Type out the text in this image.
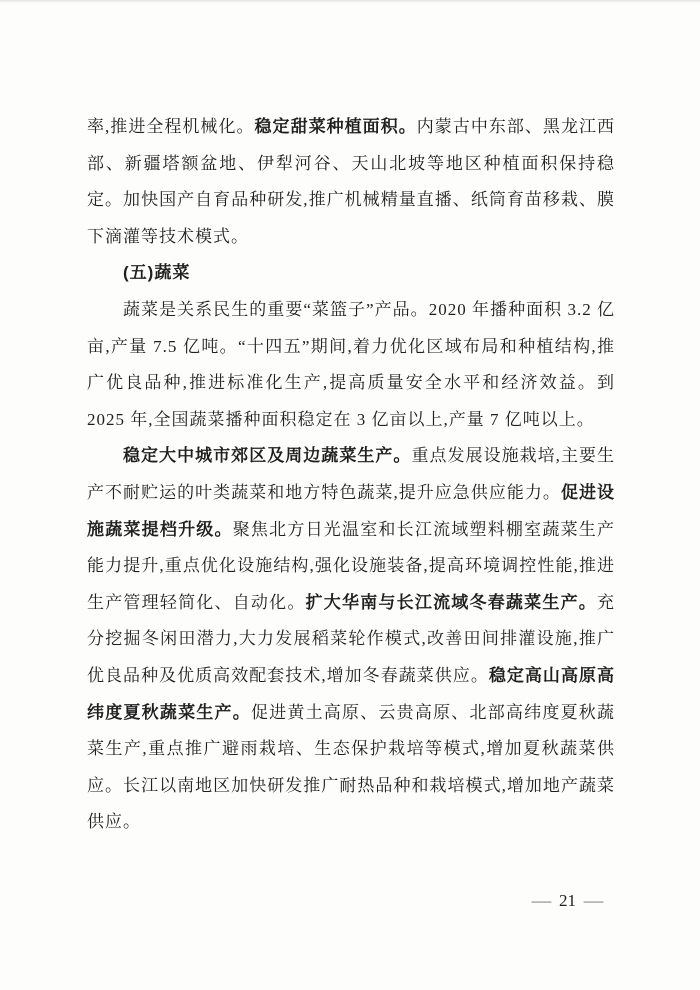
率,推进全程机械化。稳定甜菜种植面积。内蒙古中东部、黑龙江西部、新疆塔额盆地、伊犁河谷、天山北坡等地区种植面积保持稳定。加快国产自育品种研发,推广机械精量直播、纸筒育苗移栽、膜下滴灌等技术模式。

(五)蔬菜

蔬菜是关系民生的重要“菜篮子”产品。2020 年播种面积 3.2 亿亩,产量 7.5 亿吨。“十四五”期间,着力优化区域布局和种植结构,推广优良品种,推进标准化生产,提高质量安全水平和经济效益。到 2025 年,全国蔬菜播种面积稳定在 3 亿亩以上,产量 7 亿吨以上。

稳定大中城市郊区及周边蔬菜生产。重点发展设施栽培,主要生产不耐贮运的叶类蔬菜和地方特色蔬菜,提升应急供应能力。促进设施蔬菜提档升级。聚焦北方日光温室和长江流域塑料棚室蔬菜生产能力提升,重点优化设施结构,强化设施装备,提高环境调控性能,推进生产管理轻简化、自动化。扩大华南与长江流域冬春蔬菜生产。充分挖掘冬闲田潜力,大力发展稻菜轮作模式,改善田间排灌设施,推广优良品种及优质高效配套技术,增加冬春蔬菜供应。稳定高山高原高纬度夏秋蔬菜生产。促进黄土高原、云贵高原、北部高纬度夏秋蔬菜生产,重点推广避雨栽培、生态保护栽培等模式,增加夏秋蔬菜供应。长江以南地区加快研发推广耐热品种和栽培模式,增加地产蔬菜供应。

— 21 —
